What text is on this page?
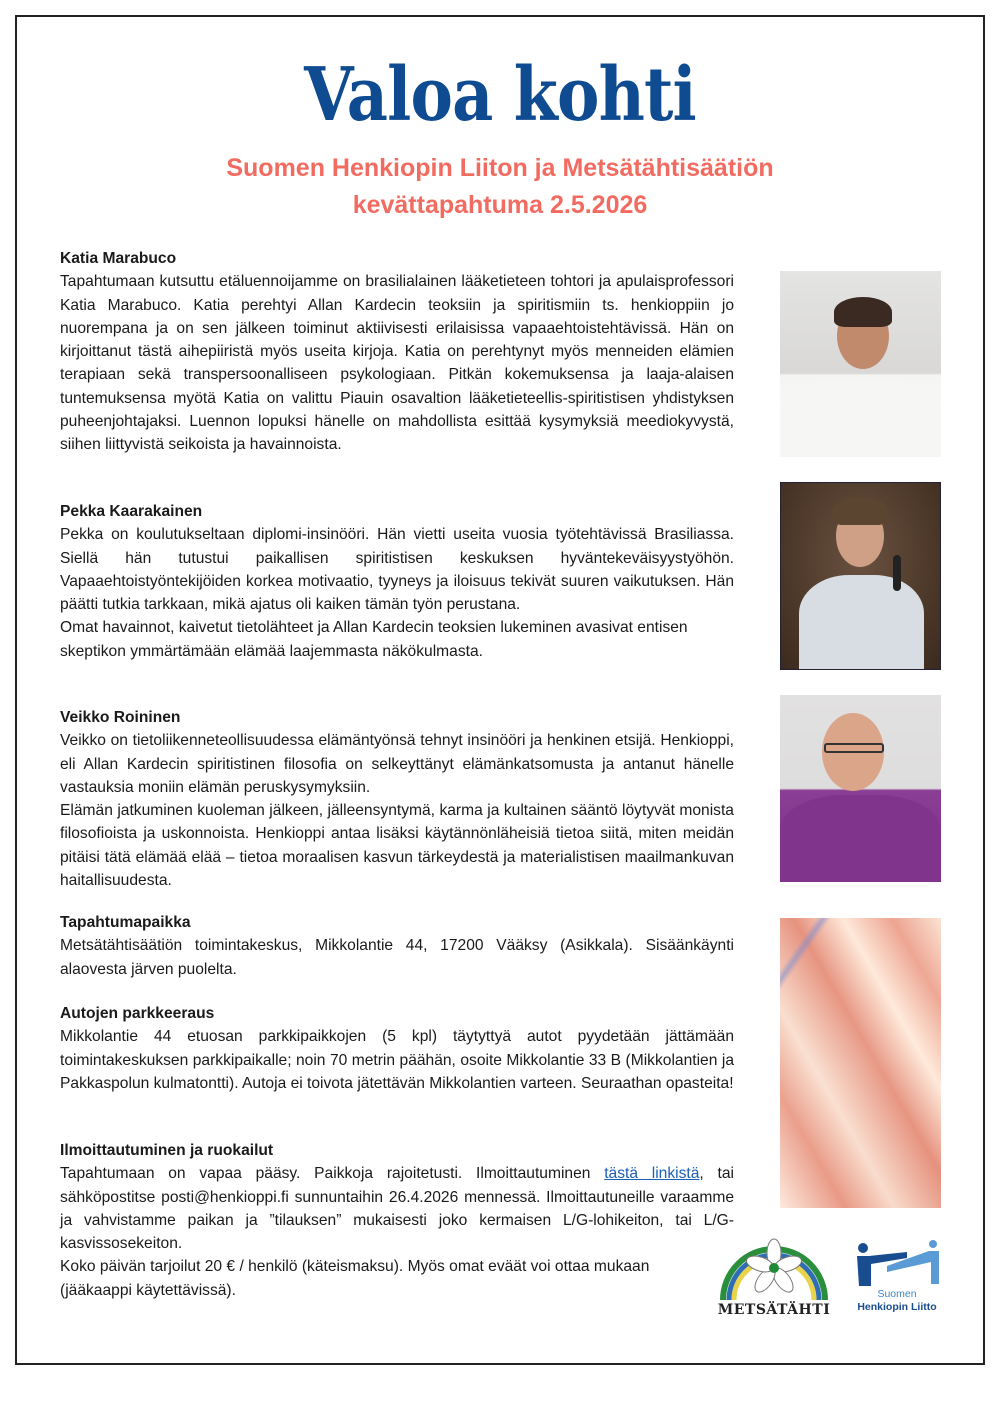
Valoa kohti
Suomen Henkiopin Liiton ja Metsätähtisäätiön
kevättapahtuma 2.5.2026
Katia Marabuco

Tapahtumaan kutsuttu etäluennoijamme on brasilialainen lääketieteen tohtori ja apulaisprofessori Katia Marabuco. Katia perehtyi Allan Kardecin teoksiin ja spiritismiin ts. henkioppiin jo nuorempana ja on sen jälkeen toiminut aktiivisesti erilaisissa vapaaehtoistehtävissä. Hän on kirjoittanut tästä aihepiiristä myös useita kirjoja. Katia on perehtynyt myös menneiden elämien terapiaan sekä transpersoonalliseen psykologiaan. Pitkän kokemuksensa ja laaja-alaisen tuntemuksensa myötä Katia on valittu Piauin osavaltion lääketieteellis-spiritistisen yhdistyksen puheenjohtajaksi. Luennon lopuksi hänelle on mahdollista esittää kysymyksiä meediokyvystä, siihen liittyvistä seikoista ja havainnoista.

Pekka Kaarakainen

Pekka on koulutukseltaan diplomi-insinööri. Hän vietti useita vuosia työtehtävissä Brasiliassa. Siellä hän tutustui paikallisen spiritistisen keskuksen hyväntekeväisyystyöhön. Vapaaehtoistyöntekijöiden korkea motivaatio, tyyneys ja iloisuus tekivät suuren vaikutuksen. Hän päätti tutkia tarkkaan, mikä ajatus oli kaiken tämän työn perustana.

Omat havainnot, kaivetut tietolähteet ja Allan Kardecin teoksien lukeminen avasivat entisen skeptikon ymmärtämään elämää laajemmasta näkökulmasta.

Veikko Roininen

Veikko on tietoliikenneteollisuudessa elämäntyönsä tehnyt insinööri ja henkinen etsijä. Henkioppi, eli Allan Kardecin spiritistinen filosofia on selkeyttänyt elämänkatsomusta ja antanut hänelle vastauksia moniin elämän peruskysymyksiin.

Elämän jatkuminen kuoleman jälkeen, jälleensyntymä, karma ja kultainen sääntö löytyvät monista filosofioista ja uskonnoista. Henkioppi antaa lisäksi käytännönläheisiä tietoa siitä, miten meidän pitäisi tätä elämää elää – tietoa moraalisen kasvun tärkeydestä ja materialistisen maailmankuvan haitallisuudesta.

Tapahtumapaikka

Metsätähtisäätiön toimintakeskus, Mikkolantie 44, 17200 Vääksy (Asikkala). Sisäänkäynti alaovesta järven puolelta.

Autojen parkkeeraus

Mikkolantie 44 etuosan parkkipaikkojen (5 kpl) täytyttyä autot pyydetään jättämään toimintakeskuksen parkkipaikalle; noin 70 metrin päähän, osoite Mikkolantie 33 B (Mikkolantien ja Pakkaspolun kulmatontti). Autoja ei toivota jätettävän Mikkolantien varteen. Seuraathan opasteita!

Ilmoittautuminen ja ruokailut

Tapahtumaan on vapaa pääsy. Paikkoja rajoitetusti. Ilmoittautuminen tästä linkistä, tai sähköpostitse posti@henkioppi.fi sunnuntaihin 26.4.2026 mennessä. Ilmoittautuneille varaamme ja vahvistamme paikan ja ”tilauksen” mukaisesti joko kermaisen L/G-lohikeiton, tai L/G-kasvissosekeiton.

Koko päivän tarjoilut 20 € / henkilö (käteismaksu). Myös omat eväät voi ottaa mukaan (jääkaappi käytettävissä).

METSÄTÄHTI
Suomen
Henkiopin Liitto
